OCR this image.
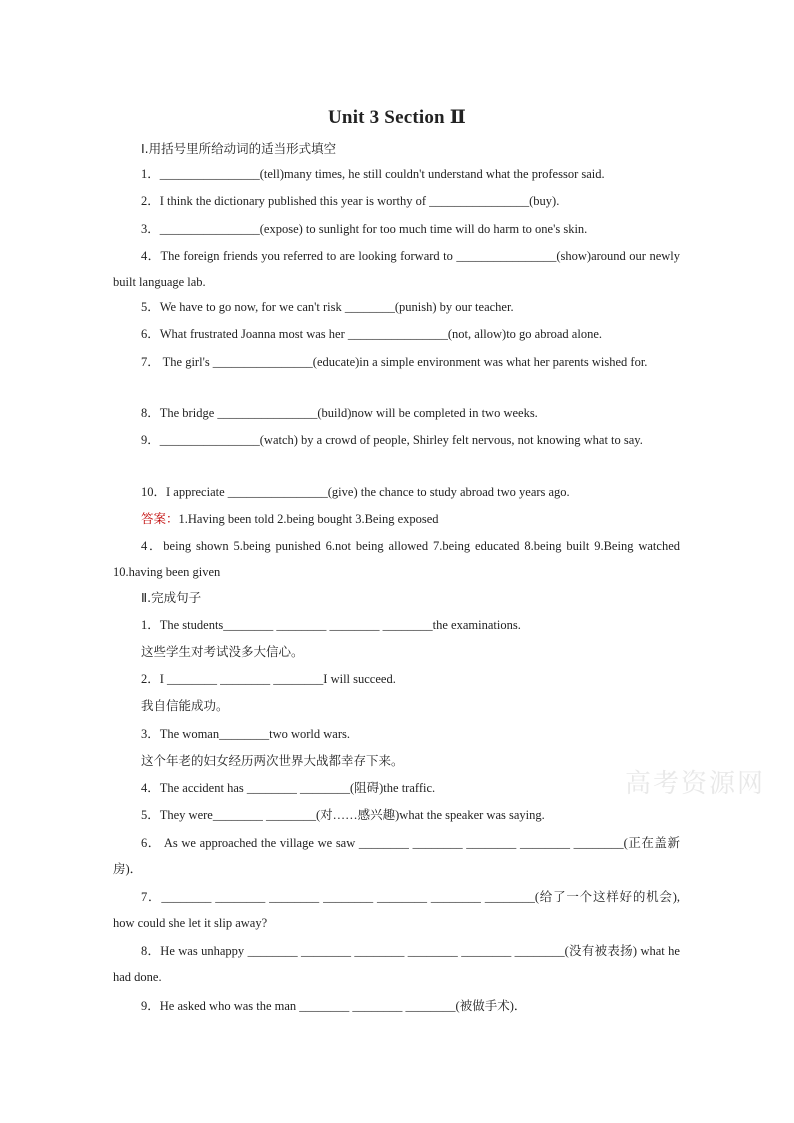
Unit 3 Section Ⅱ
Ⅰ.用括号里所给动词的适当形式填空
1．________________(tell)many times, he still couldn't understand what the professor said.
2．I think the dictionary published this year is worthy of ________________(buy).
3．________________(expose) to sunlight for too much time will do harm to one's skin.
4．The foreign friends you referred to are looking forward to ________________(show)around our newly built language lab.
5．We have to go now, for we can't risk ________(punish) by our teacher.
6．What frustrated Joanna most was her ________________(not, allow)to go abroad alone.
7． The girl's ________________(educate)in a simple environment was what her parents wished for.
8．The bridge ________________(build)now will be completed in two weeks.
9．________________(watch) by a crowd of people, Shirley felt nervous, not knowing what to say.
10．I appreciate ________________(give) the chance to study abroad two years ago.
答案：1.Having been told 2.being bought 3.Being exposed
4．being shown 5.being punished 6.not being allowed 7.being educated 8.being built 9.Being watched 10.having been given
Ⅱ.完成句子
1．The students________ ________ ________ ________the examinations.
这些学生对考试没多大信心。
2．I ________ ________ ________I will succeed.
我自信能成功。
3．The woman________two world wars.
这个年老的妇女经历两次世界大战都幸存下来。
4．The accident has ________ ________(阻碍)the traffic.
5．They were________ ________(对……感兴趣)what the speaker was saying.
6． As we approached the village we saw ________ ________ ________ ________ ________(正在盖新房)．
7．________ ________ ________ ________ ________ ________ ________(给了一个这样好的机会), how could she let it slip away?
8．He was unhappy ________ ________ ________ ________ ________ ________(没有被表扬) what he had done.
9．He asked who was the man ________ ________ ________(被做手术)．
高考资源网
